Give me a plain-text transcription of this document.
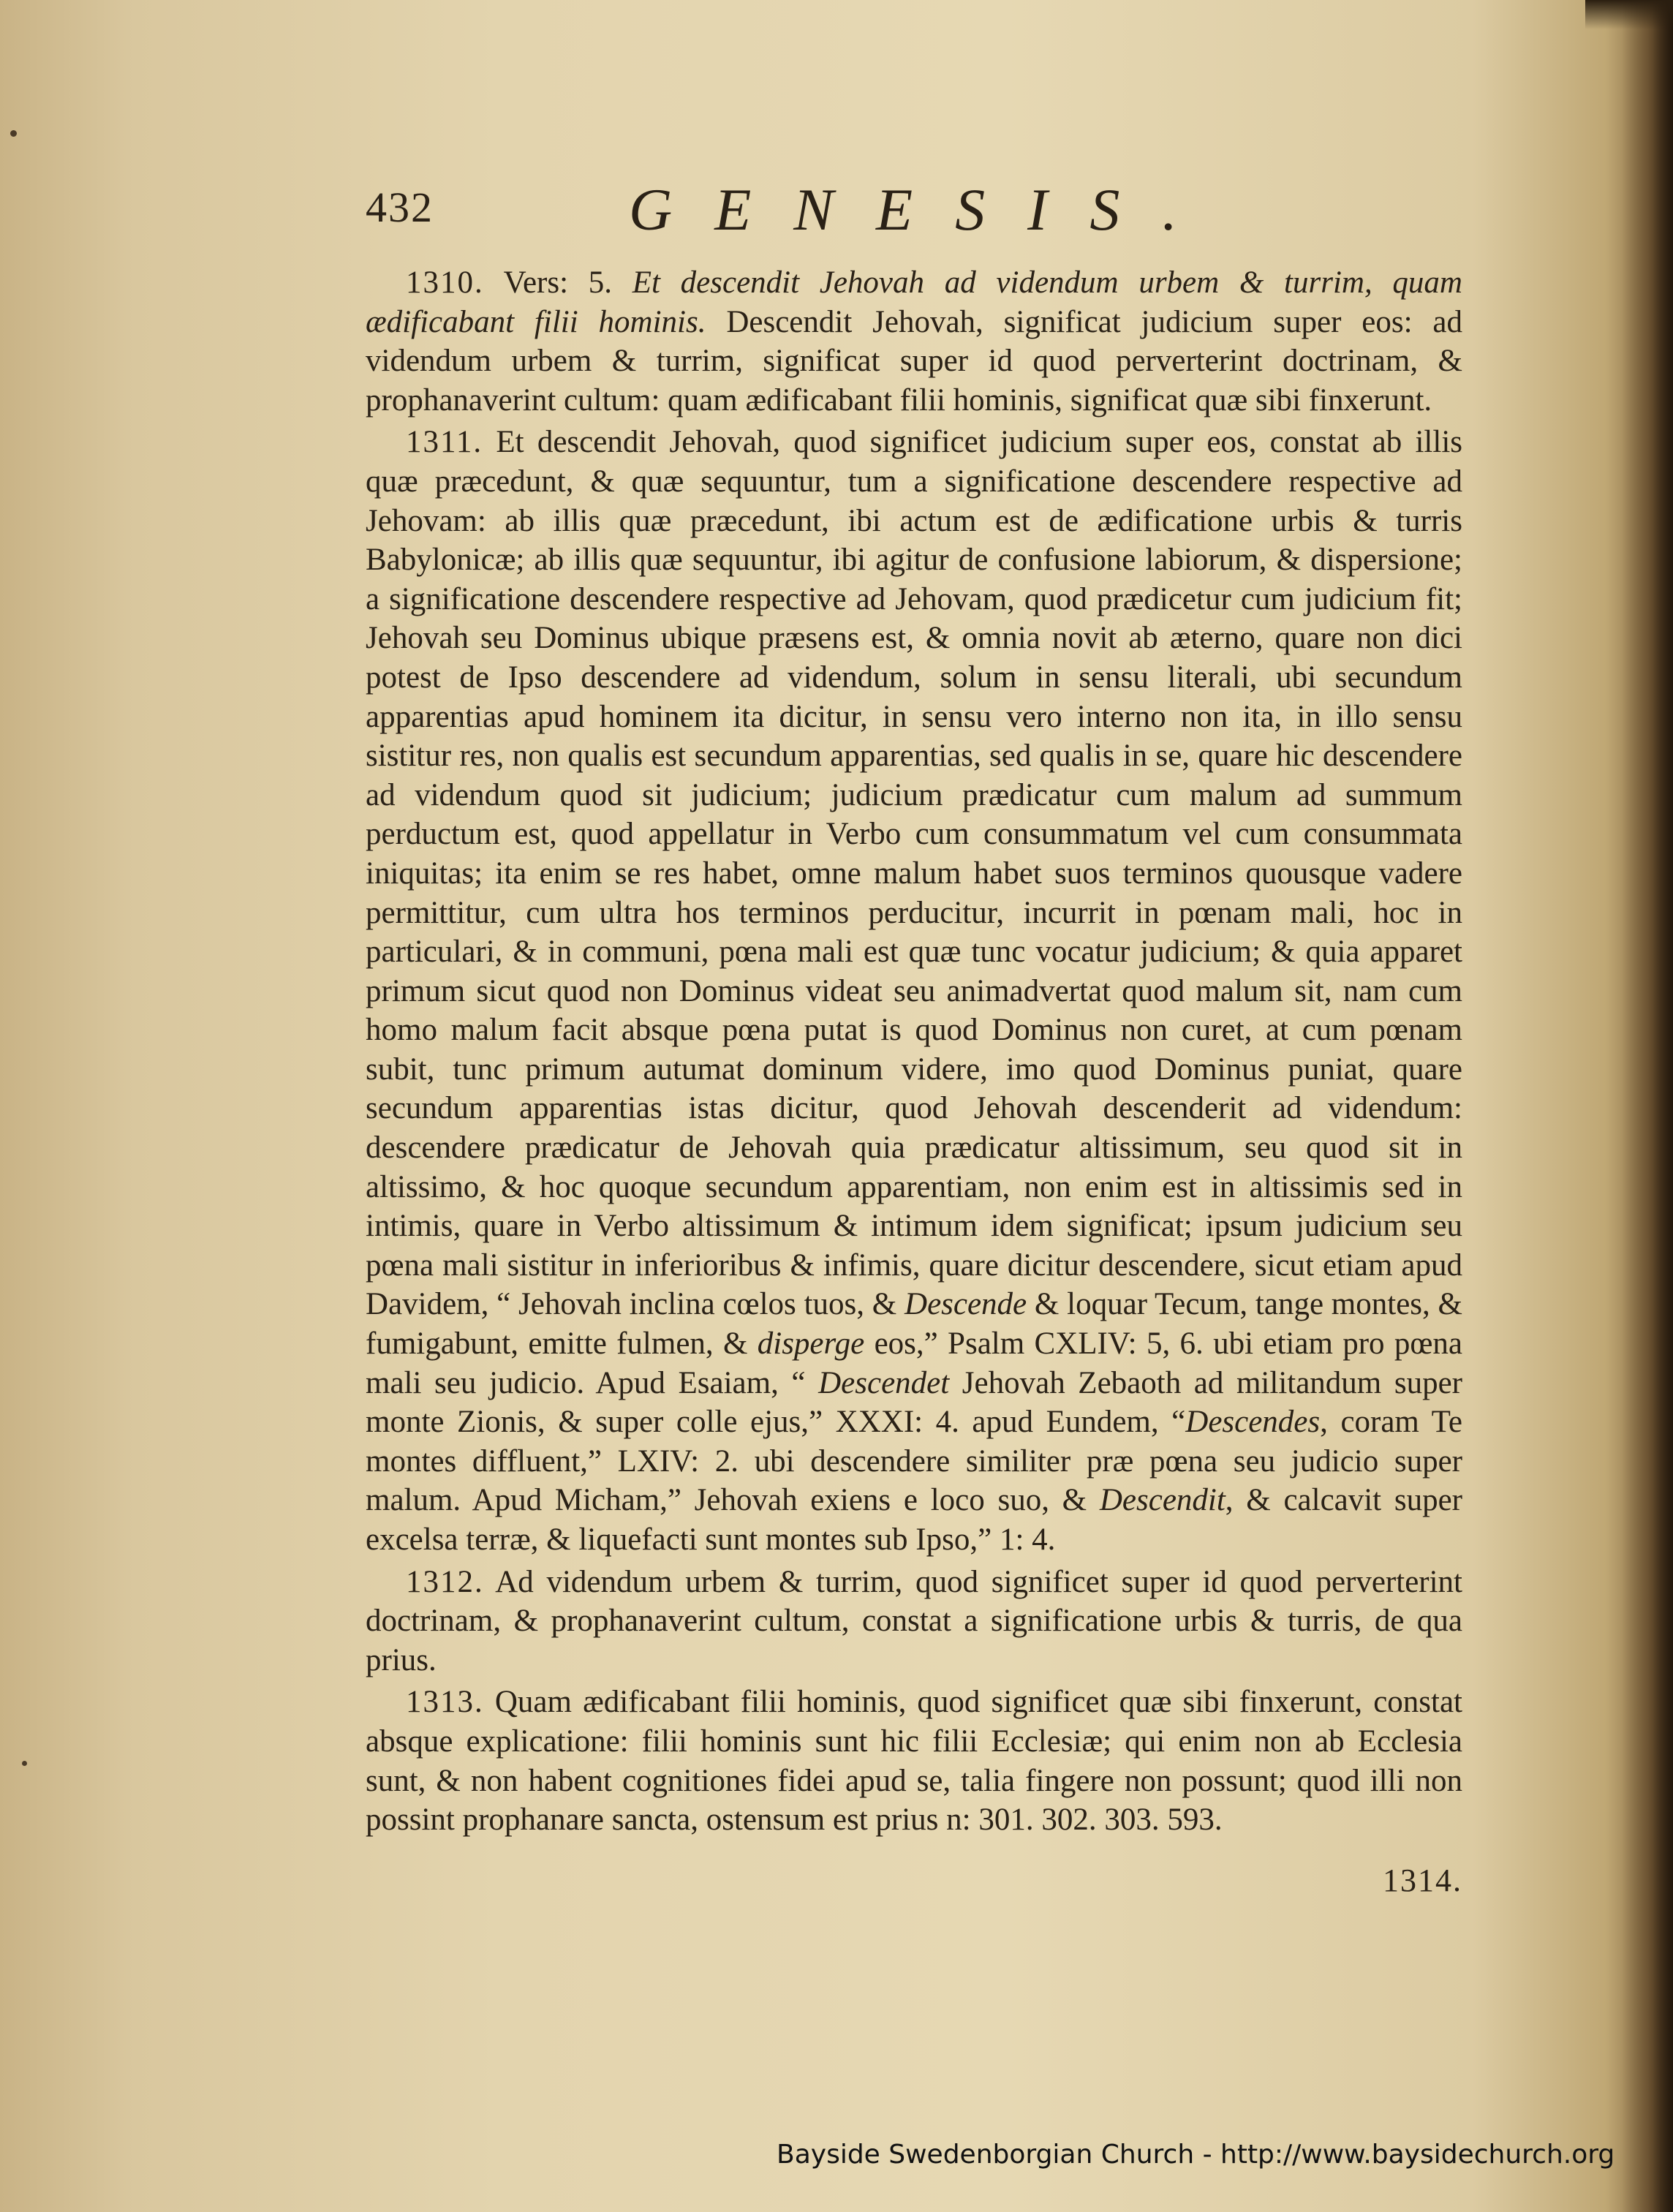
432	GENESIS.

1310. Vers: 5. Et descendit Jehovah ad videndum urbem & turrim, quam ædificabant filii hominis. Descendit Jehovah, significat judicium super eos: ad videndum urbem & turrim, significat super id quod perverterint doctrinam, & prophanaverint cultum: quam ædificabant filii hominis, significat quæ sibi finxerunt.

1311. Et descendit Jehovah, quod significet judicium super eos, constat ab illis quæ præcedunt, & quæ sequuntur, tum a significatione descendere respective ad Jehovam: ab illis quæ præcedunt, ibi actum est de ædificatione urbis & turris Babylonicæ; ab illis quæ sequuntur, ibi agitur de confusione labiorum, & dispersione; a significatione descendere respective ad Jehovam, quod prædicetur cum judicium fit; Jehovah seu Dominus ubique præsens est, & omnia novit ab æterno, quare non dici potest de Ipso descendere ad videndum, solum in sensu literali, ubi secundum apparentias apud hominem ita dicitur, in sensu vero interno non ita, in illo sensu sistitur res, non qualis est secundum apparentias, sed qualis in se, quare hic descendere ad videndum quod sit judicium; judicium prædicatur cum malum ad summum perductum est, quod appellatur in Verbo cum consummatum vel cum consummata iniquitas; ita enim se res habet, omne malum habet suos terminos quousque vadere permittitur, cum ultra hos terminos perducitur, incurrit in pœnam mali, hoc in particulari, & in communi, pœna mali est quæ tunc vocatur judicium; & quia apparet primum sicut quod non Dominus videat seu animadvertat quod malum sit, nam cum homo malum facit absque pœna putat is quod Dominus non curet, at cum pœnam subit, tunc primum autumat dominum videre, imo quod Dominus puniat, quare secundum apparentias istas dicitur, quod Jehovah descenderit ad videndum: descendere prædicatur de Jehovah quia prædicatur altissimum, seu quod sit in altissimo, & hoc quoque secundum apparentiam, non enim est in altissimis sed in intimis, quare in Verbo altissimum & intimum idem significat; ipsum judicium seu pœna mali sistitur in inferioribus & infimis, quare dicitur descendere, sicut etiam apud Davidem, “ Jehovah inclina cœlos tuos, & Descende & loquar Tecum, tange montes, & fumigabunt, emitte fulmen, & disperge eos,” Psalm CXLIV: 5, 6. ubi etiam pro pœna mali seu judicio. Apud Esaiam, “ Descendet Jehovah Zebaoth ad militandum super monte Zionis, & super colle ejus,” XXXI: 4. apud Eundem, “Descendes, coram Te montes diffluent,” LXIV: 2. ubi descendere similiter præ pœna seu judicio super malum. Apud Micham,” Jehovah exiens e loco suo, & Descendit, & calcavit super excelsa terræ, & liquefacti sunt montes sub Ipso,” 1: 4.

1312. Ad videndum urbem & turrim, quod significet super id quod perverterint doctrinam, & prophanaverint cultum, constat a significatione urbis & turris, de qua prius.

1313. Quam ædificabant filii hominis, quod significet quæ sibi finxerunt, constat absque explicatione: filii hominis sunt hic filii Ecclesiæ; qui enim non ab Ecclesia sunt, & non habent cognitiones fidei apud se, talia fingere non possunt; quod illi non possint prophanare sancta, ostensum est prius n: 301. 302. 303. 593.

1314.
Bayside Swedenborgian Church - http://www.baysidechurch.org
